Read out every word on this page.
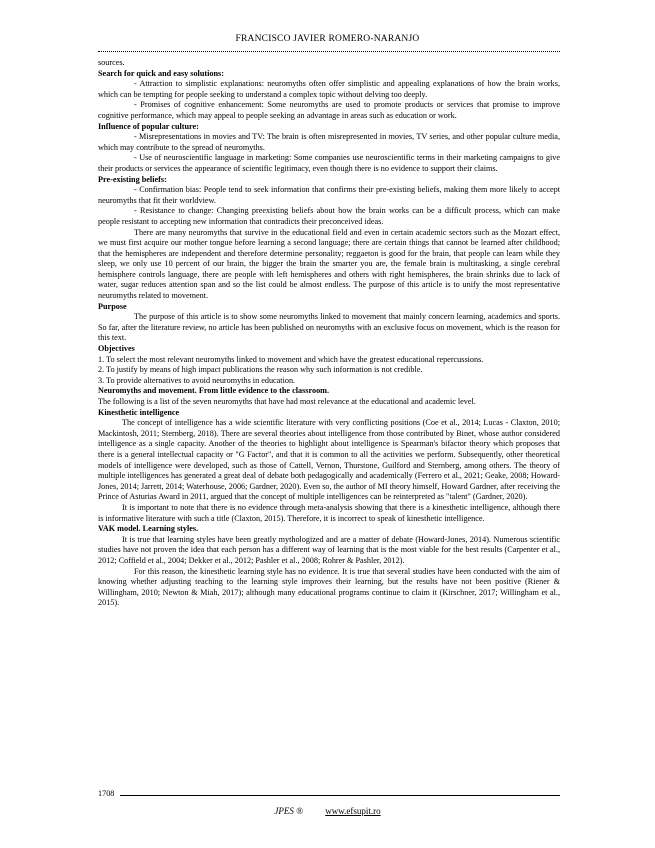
FRANCISCO JAVIER ROMERO-NARANJO

sources.

Search for quick and easy solutions:

- Attraction to simplistic explanations: neuromyths often offer simplistic and appealing explanations of how the brain works, which can be tempting for people seeking to understand a complex topic without delving too deeply.

- Promises of cognitive enhancement: Some neuromyths are used to promote products or services that promise to improve cognitive performance, which may appeal to people seeking an advantage in areas such as education or work.

Influence of popular culture:

- Misrepresentations in movies and TV: The brain is often misrepresented in movies, TV series, and other popular culture media, which may contribute to the spread of neuromyths.

- Use of neuroscientific language in marketing: Some companies use neuroscientific terms in their marketing campaigns to give their products or services the appearance of scientific legitimacy, even though there is no evidence to support their claims.

Pre-existing beliefs:

- Confirmation bias: People tend to seek information that confirms their pre-existing beliefs, making them more likely to accept neuromyths that fit their worldview.

- Resistance to change: Changing preexisting beliefs about how the brain works can be a difficult process, which can make people resistant to accepting new information that contradicts their preconceived ideas.

There are many neuromyths that survive in the educational field and even in certain academic sectors such as the Mozart effect, we must first acquire our mother tongue before learning a second language; there are certain things that cannot be learned after childhood; that the hemispheres are independent and therefore determine personality; reggaeton is good for the brain, that people can learn while they sleep, we only use 10 percent of our brain, the bigger the brain the smarter you are, the female brain is multitasking, a single cerebral hemisphere controls language, there are people with left hemispheres and others with right hemispheres, the brain shrinks due to lack of water, sugar reduces attention span and so the list could be almost endless. The purpose of this article is to unify the most representative neuromyths related to movement.

Purpose

The purpose of this article is to show some neuromyths linked to movement that mainly concern learning, academics and sports. So far, after the literature review, no article has been published on neuromyths with an exclusive focus on movement, which is the reason for this text.

Objectives

1. To select the most relevant neuromyths linked to movement and which have the greatest educational repercussions.

2. To justify by means of high impact publications the reason why such information is not credible.

3. To provide alternatives to avoid neuromyths in education.

Neuromyths and movement. From little evidence to the classroom.

The following is a list of the seven neuromyths that have had most relevance at the educational and academic level.

Kinesthetic intelligence

The concept of intelligence has a wide scientific literature with very conflicting positions (Coe et al., 2014; Lucas - Claxton, 2010; Mackintosh, 2011; Sternberg, 2018). There are several theories about intelligence from those contributed by Binet, whose author considered intelligence as a single capacity. Another of the theories to highlight about intelligence is Spearman's bifactor theory which proposes that there is a general intellectual capacity or "G Factor", and that it is common to all the activities we perform. Subsequently, other theoretical models of intelligence were developed, such as those of Cattell, Vernon, Thurstone, Guilford and Sternberg, among others. The theory of multiple intelligences has generated a great deal of debate both pedagogically and academically (Ferrero et al., 2021; Geake, 2008; Howard-Jones, 2014; Jarrett, 2014; Waterhouse, 2006; Gardner, 2020). Even so, the author of MI theory himself, Howard Gardner, after receiving the Prince of Asturias Award in 2011, argued that the concept of multiple intelligences can be reinterpreted as "talent" (Gardner, 2020).

It is important to note that there is no evidence through meta-analysis showing that there is a kinesthetic intelligence, although there is informative literature with such a title (Claxton, 2015). Therefore, it is incorrect to speak of kinesthetic intelligence.

VAK model. Learning styles.

It is true that learning styles have been greatly mythologized and are a matter of debate (Howard-Jones, 2014). Numerous scientific studies have not proven the idea that each person has a different way of learning that is the most viable for the best results (Carpenter et al., 2012; Coffield et al., 2004; Dekker et al., 2012; Pashler et al., 2008; Rohrer & Pashler, 2012).

For this reason, the kinesthetic learning style has no evidence. It is true that several studies have been conducted with the aim of knowing whether adjusting teaching to the learning style improves their learning, but the results have not been positive (Riener & Willingham, 2010; Newton & Miah, 2017); although many educational programs continue to claim it (Kirschner, 2017; Willingham et al., 2015).

1708
JPES ® www.efsupit.ro
